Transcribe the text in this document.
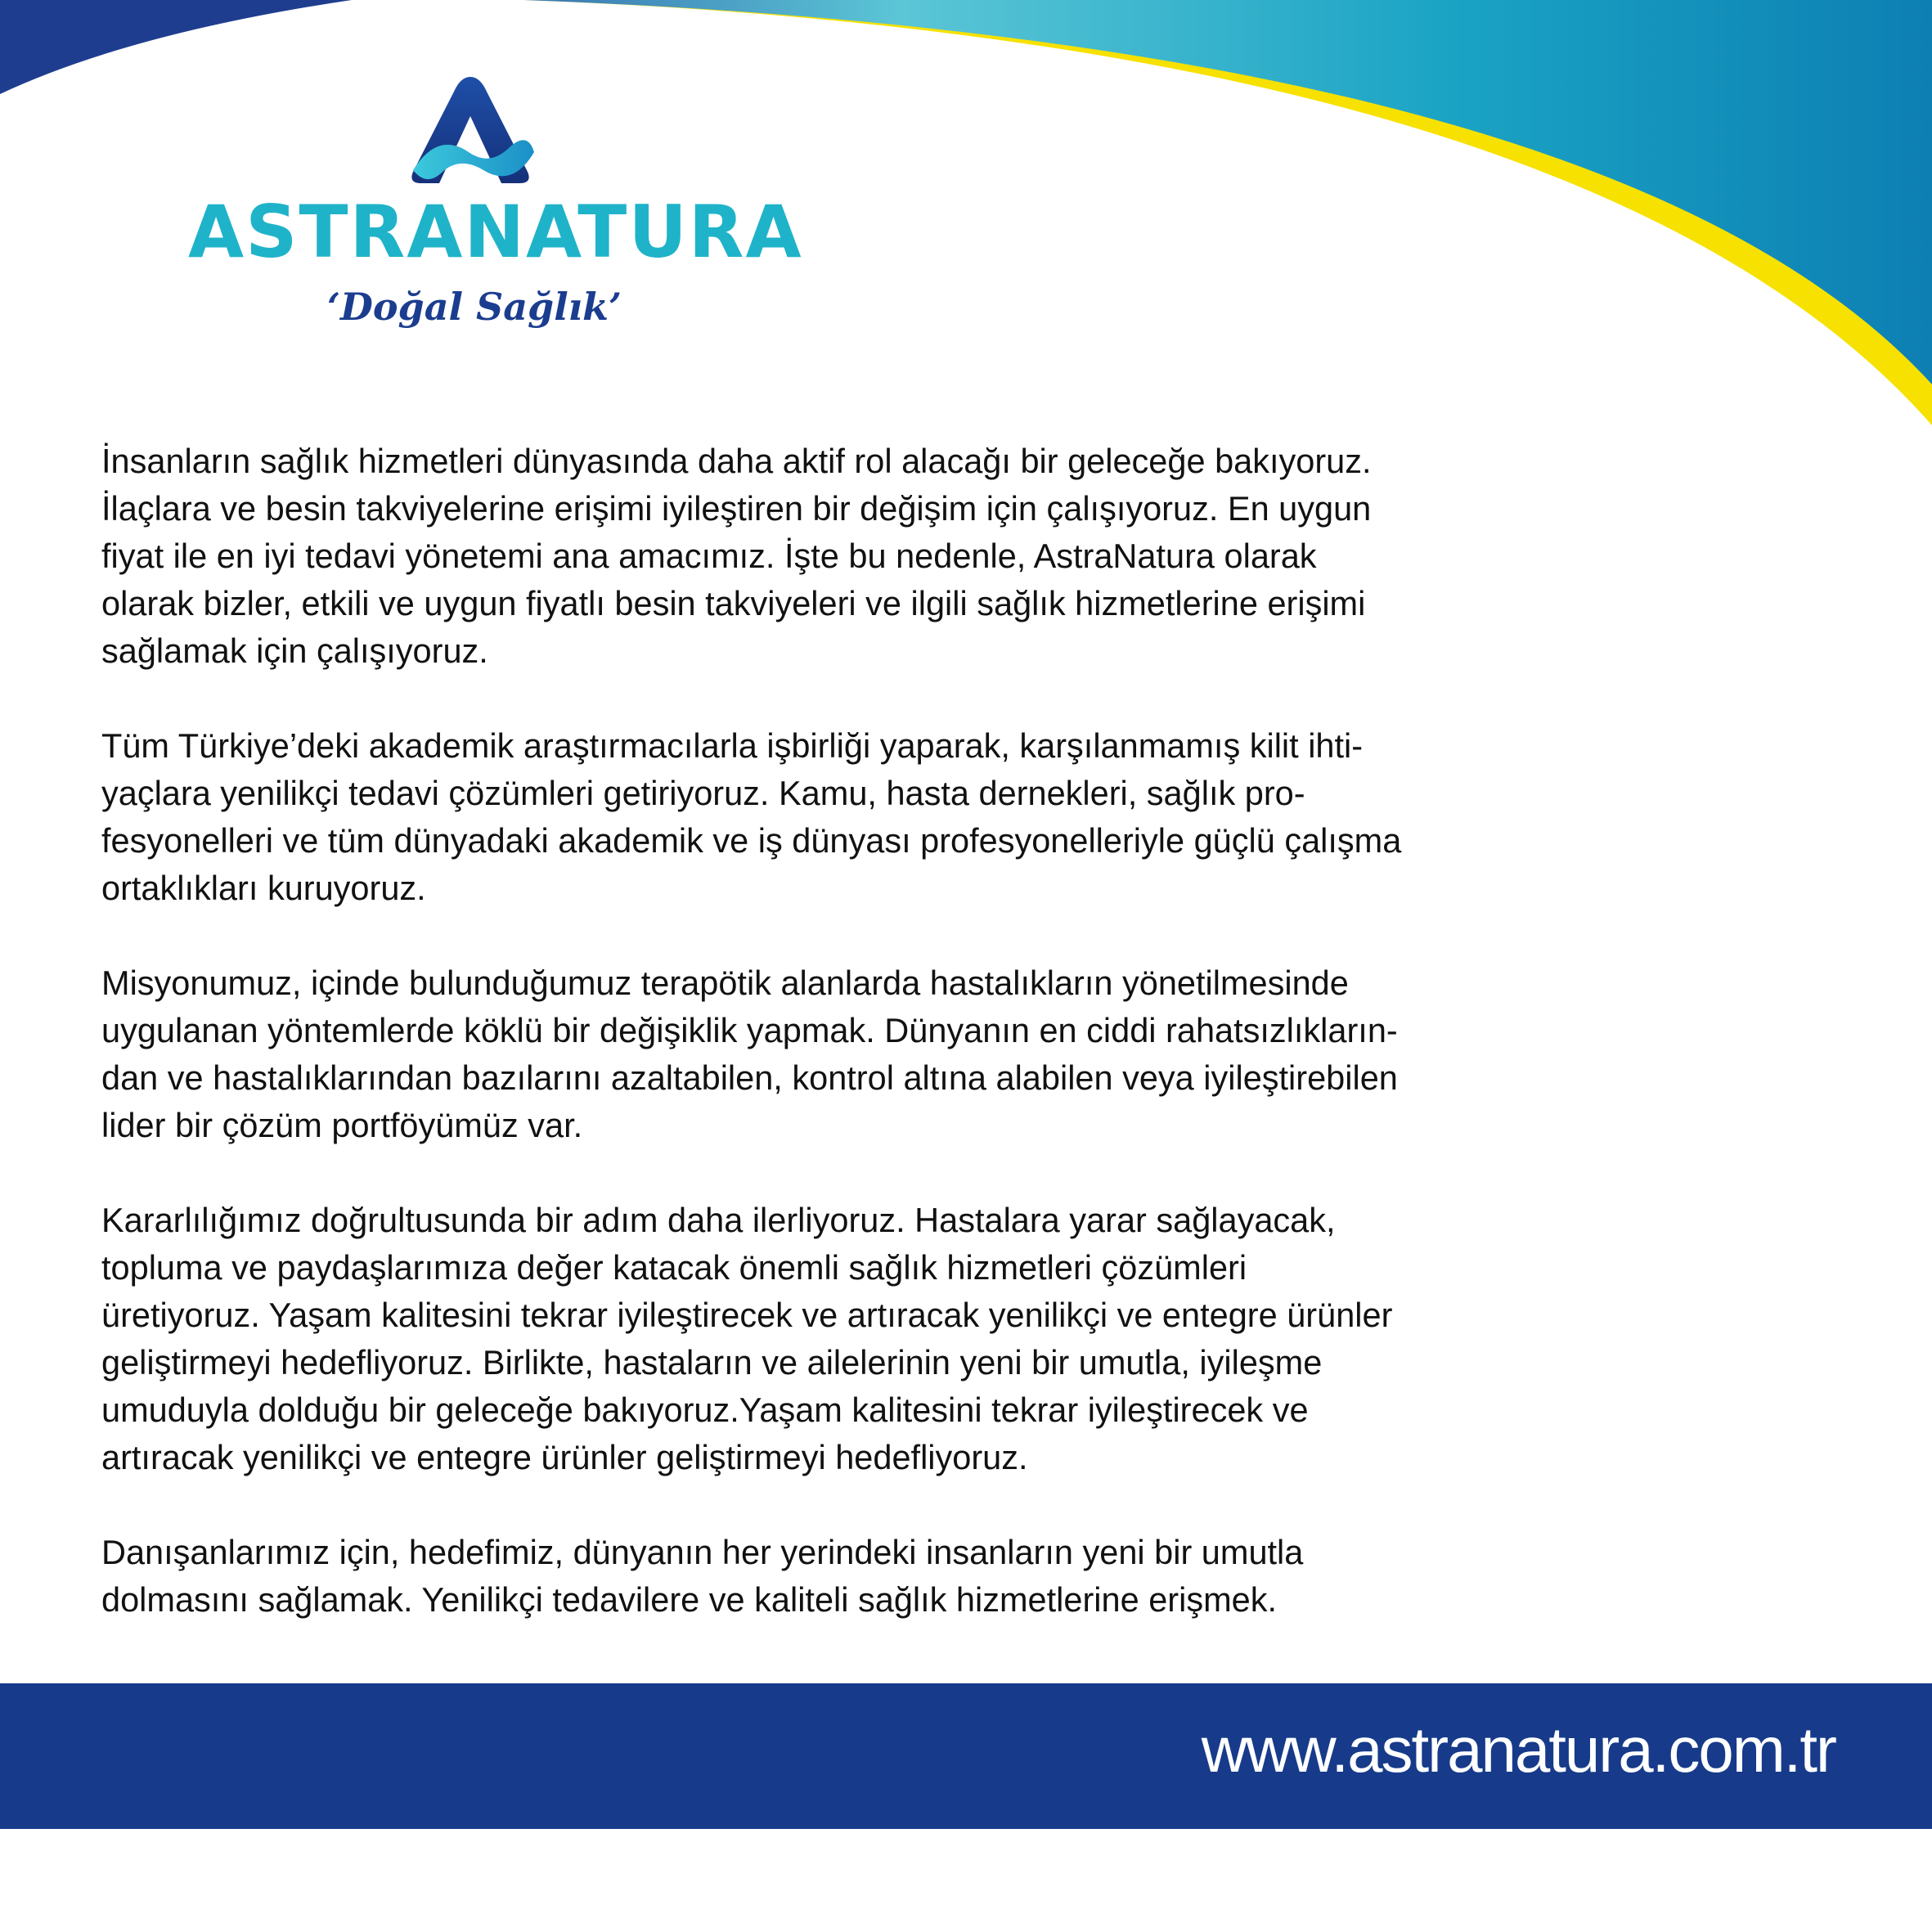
ASTRANATURA
‘Doğal Sağlık’
İnsanların sağlık hizmetleri dünyasında daha aktif rol alacağı bir geleceğe bakıyoruz.
İlaçlara ve besin takviyelerine erişimi iyileştiren bir değişim için çalışıyoruz. En uygun
fiyat ile en iyi tedavi yönetemi ana amacımız. İşte bu nedenle, AstraNatura olarak
olarak bizler, etkili ve uygun fiyatlı besin takviyeleri ve ilgili sağlık hizmetlerine erişimi
sağlamak için çalışıyoruz.
Tüm Türkiye’deki akademik araştırmacılarla işbirliği yaparak, karşılanmamış kilit ihti-
yaçlara yenilikçi tedavi çözümleri getiriyoruz. Kamu, hasta dernekleri, sağlık pro-
fesyonelleri ve tüm dünyadaki akademik ve iş dünyası profesyonelleriyle güçlü çalışma
ortaklıkları kuruyoruz.
Misyonumuz, içinde bulunduğumuz terapötik alanlarda hastalıkların yönetilmesinde
uygulanan yöntemlerde köklü bir değişiklik yapmak. Dünyanın en ciddi rahatsızlıkların-
dan ve hastalıklarından bazılarını azaltabilen, kontrol altına alabilen veya iyileştirebilen
lider bir çözüm portföyümüz var.
Kararlılığımız doğrultusunda bir adım daha ilerliyoruz. Hastalara yarar sağlayacak,
topluma ve paydaşlarımıza değer katacak önemli sağlık hizmetleri çözümleri
üretiyoruz. Yaşam kalitesini tekrar iyileştirecek ve artıracak yenilikçi ve entegre ürünler
geliştirmeyi hedefliyoruz. Birlikte, hastaların ve ailelerinin yeni bir umutla, iyileşme
umuduyla dolduğu bir geleceğe bakıyoruz.Yaşam kalitesini tekrar iyileştirecek ve
artıracak yenilikçi ve entegre ürünler geliştirmeyi hedefliyoruz.
Danışanlarımız için, hedefimiz, dünyanın her yerindeki insanların yeni bir umutla
dolmasını sağlamak. Yenilikçi tedavilere ve kaliteli sağlık hizmetlerine erişmek.
www.astranatura.com.tr
